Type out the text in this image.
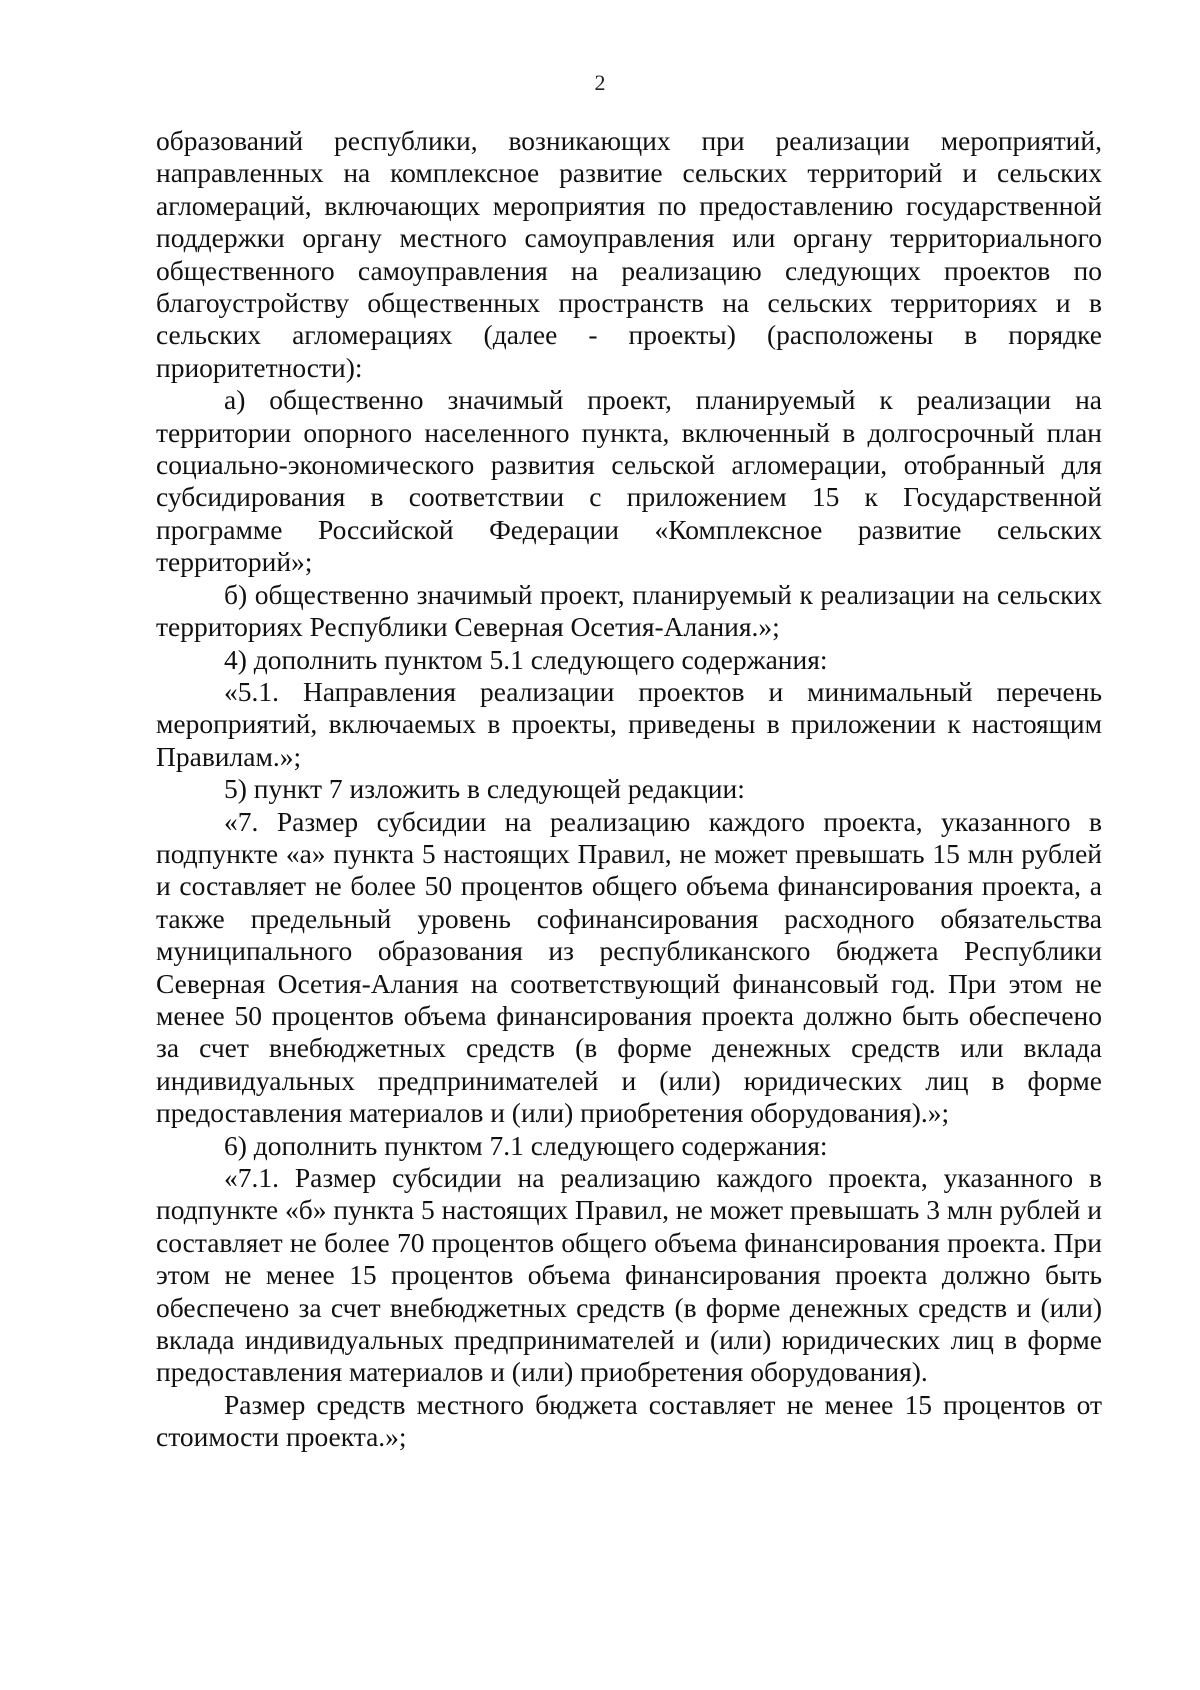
2

образований республики, возникающих при реализации мероприятий, направленных на комплексное развитие сельских территорий и сельских агломераций, включающих мероприятия по предоставлению государственной поддержки органу местного самоуправления или органу территориального общественного самоуправления на реализацию следующих проектов по благоустройству общественных пространств на сельских территориях и в сельских агломерациях (далее - проекты) (расположены в порядке приоритетности):

а) общественно значимый проект, планируемый к реализации на территории опорного населенного пункта, включенный в долгосрочный план социально-экономического развития сельской агломерации, отобранный для субсидирования в соответствии с приложением 15 к Государственной программе Российской Федерации «Комплексное развитие сельских территорий»;

б) общественно значимый проект, планируемый к реализации на сельских территориях Республики Северная Осетия-Алания.»;

4) дополнить пунктом 5.1 следующего содержания:

«5.1. Направления реализации проектов и минимальный перечень мероприятий, включаемых в проекты, приведены в приложении к настоящим Правилам.»;

5) пункт 7 изложить в следующей редакции:

«7. Размер субсидии на реализацию каждого проекта, указанного в подпункте «а» пункта 5 настоящих Правил, не может превышать 15 млн рублей и составляет не более 50 процентов общего объема финансирования проекта, а также предельный уровень софинансирования расходного обязательства муниципального образования из республиканского бюджета Республики Северная Осетия-Алания на соответствующий финансовый год. При этом не менее 50 процентов объема финансирования проекта должно быть обеспечено за счет внебюджетных средств (в форме денежных средств или вклада индивидуальных предпринимателей и (или) юридических лиц в форме предоставления материалов и (или) приобретения оборудования).»;

6) дополнить пунктом 7.1 следующего содержания:

«7.1. Размер субсидии на реализацию каждого проекта, указанного в подпункте «б» пункта 5 настоящих Правил, не может превышать 3 млн рублей и составляет не более 70 процентов общего объема финансирования проекта. При этом не менее 15 процентов объема финансирования проекта должно быть обеспечено за счет внебюджетных средств (в форме денежных средств и (или) вклада индивидуальных предпринимателей и (или) юридических лиц в форме предоставления материалов и (или) приобретения оборудования).

Размер средств местного бюджета составляет не менее 15 процентов от стоимости проекта.»;
